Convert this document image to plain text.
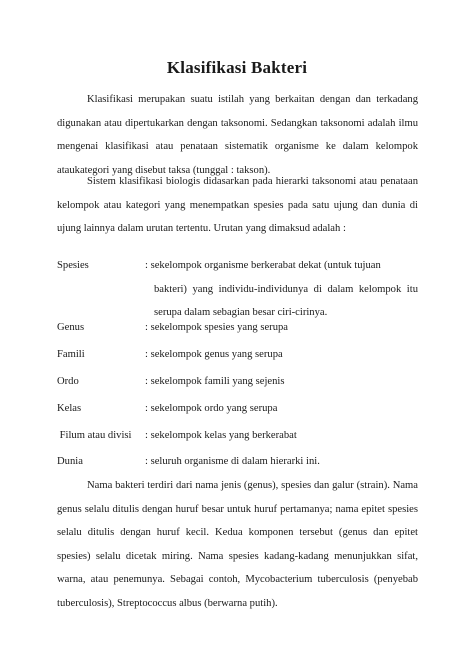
Klasifikasi Bakteri

Klasifikasi merupakan suatu istilah yang berkaitan dengan dan terkadang digunakan atau dipertukarkan dengan taksonomi. Sedangkan taksonomi adalah ilmu mengenai klasifikasi atau penataan sistematik organisme ke dalam kelompok ataukategori yang disebut taksa (tunggal : takson).

Sistem klasifikasi biologis didasarkan pada hierarki taksonomi atau penataan kelompok atau kategori yang menempatkan spesies pada satu ujung dan dunia di ujung lainnya dalam urutan tertentu. Urutan yang dimaksud adalah :

Spesies	: sekelompok organisme berkerabat dekat (untuk tujuan
bakteri) yang individu-individunya di dalam kelompok itu serupa dalam sebagian besar ciri-cirinya.
Genus	: sekelompok spesies yang serupa
Famili	: sekelompok genus yang serupa
Ordo	: sekelompok famili yang sejenis
Kelas	: sekelompok ordo yang serupa
Filum atau divisi : sekelompok kelas yang berkerabat
Dunia	: seluruh organisme di dalam hierarki ini.

Nama bakteri terdiri dari nama jenis (genus), spesies dan galur (strain). Nama genus selalu ditulis dengan huruf besar untuk huruf pertamanya; nama epitet spesies selalu ditulis dengan huruf kecil. Kedua komponen tersebut (genus dan epitet spesies) selalu dicetak miring. Nama spesies kadang-kadang menunjukkan sifat, warna, atau penemunya. Sebagai contoh, Mycobacterium tuberculosis (penyebab tuberculosis), Streptococcus albus (berwarna putih).
